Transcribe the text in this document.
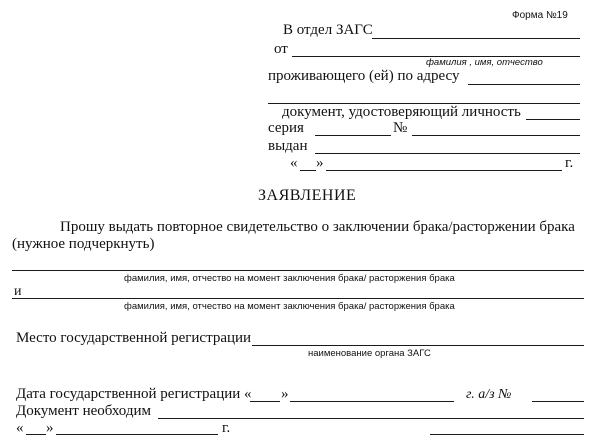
Форма №19
В отдел ЗАГС
от
фамилия , имя, отчество
проживающего (ей) по адресу
документ, удостоверяющий личность
серия	№
выдан
« »	г.
ЗАЯВЛЕНИЕ
Прошу выдать повторное свидетельство о заключении брака/расторжении брака
(нужное подчеркнуть)
фамилия, имя, отчество на момент заключения брака/ расторжения брака
и
фамилия, имя, отчество на момент заключения брака/ расторжения брака
Место государственной регистрации
наименование органа ЗАГС
Дата государственной регистрации « »	г. а/з №
Документ необходим
« »	г.
